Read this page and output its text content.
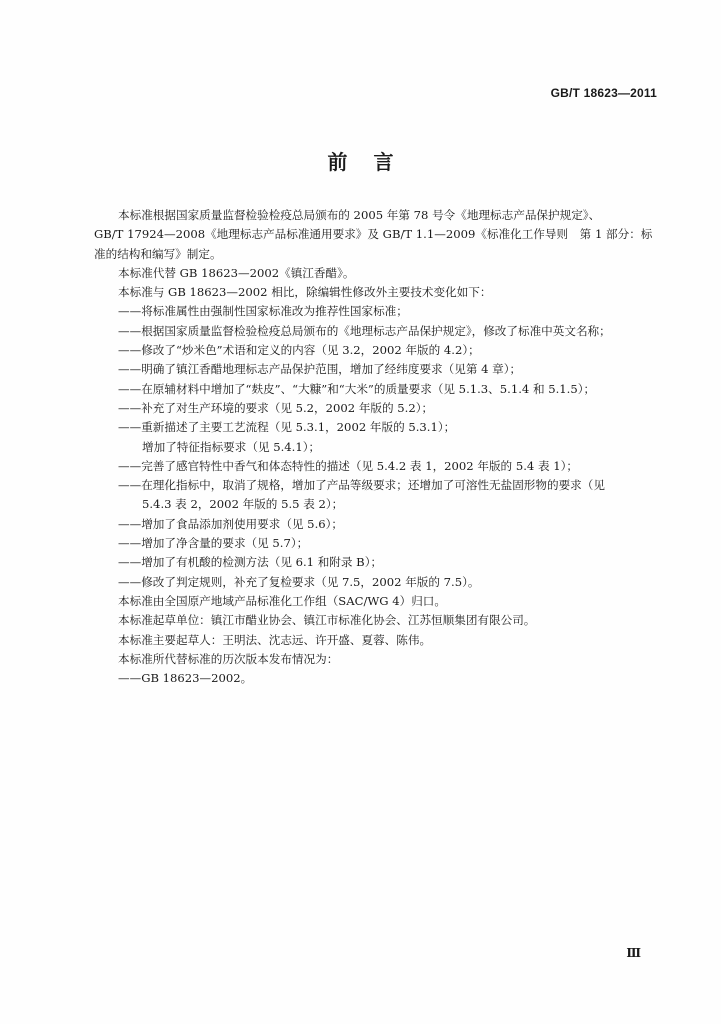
GB/T 18623—2011
前言

本标准根据国家质量监督检验检疫总局颁布的 2005 年第 78 号令《地理标志产品保护规定》、

GB/T 17924—2008《地理标志产品标准通用要求》及 GB/T 1.1—2009《标准化工作导则　第 1 部分：标

准的结构和编写》制定。

本标准代替 GB 18623—2002《镇江香醋》。

本标准与 GB 18623—2002 相比，除编辑性修改外主要技术变化如下：

——将标准属性由强制性国家标准改为推荐性国家标准；

——根据国家质量监督检验检疫总局颁布的《地理标志产品保护规定》，修改了标准中英文名称；

——修改了“炒米色”术语和定义的内容（见 3.2，2002 年版的 4.2）；

——明确了镇江香醋地理标志产品保护范围，增加了经纬度要求（见第 4 章）；

——在原辅材料中增加了“麸皮”、“大糠”和“大米”的质量要求（见 5.1.3、5.1.4 和 5.1.5）；

——补充了对生产环境的要求（见 5.2，2002 年版的 5.2）；

——重新描述了主要工艺流程（见 5.3.1，2002 年版的 5.3.1）；

增加了特征指标要求（见 5.4.1）；

——完善了感官特性中香气和体态特性的描述（见 5.4.2 表 1，2002 年版的 5.4 表 1）；

——在理化指标中，取消了规格，增加了产品等级要求；还增加了可溶性无盐固形物的要求（见

5.4.3 表 2，2002 年版的 5.5 表 2）；

——增加了食品添加剂使用要求（见 5.6）；

——增加了净含量的要求（见 5.7）；

——增加了有机酸的检测方法（见 6.1 和附录 B）；

——修改了判定规则，补充了复检要求（见 7.5，2002 年版的 7.5）。

本标准由全国原产地域产品标准化工作组（SAC/WG 4）归口。

本标准起草单位：镇江市醋业协会、镇江市标准化协会、江苏恒顺集团有限公司。

本标准主要起草人：王明法、沈志远、许开盛、夏蓉、陈伟。

本标准所代替标准的历次版本发布情况为：

——GB 18623—2002。

Ⅲ
